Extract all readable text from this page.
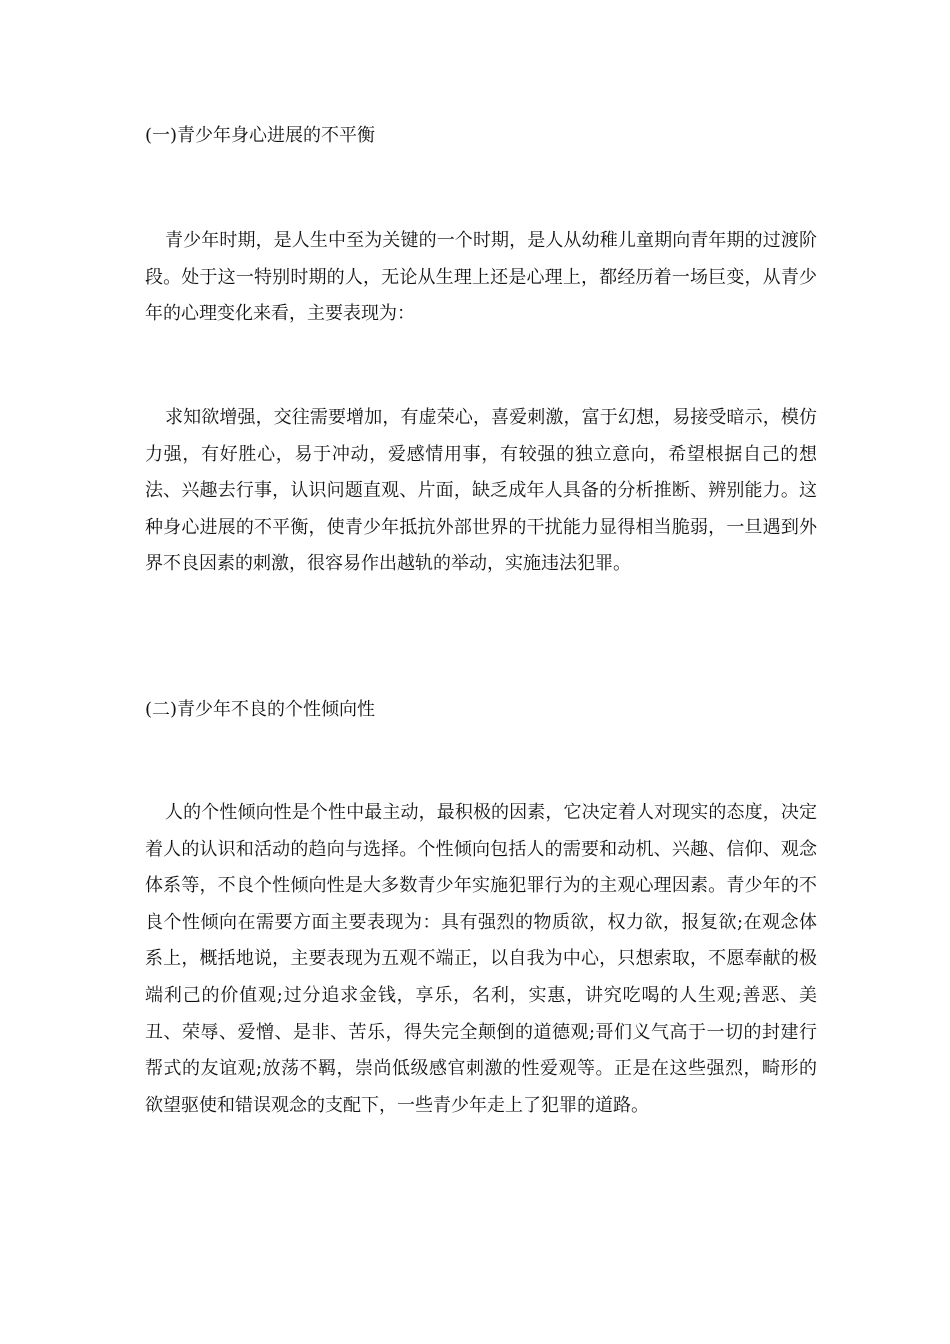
(一)青少年身心进展的不平衡

青少年时期，是人生中至为关键的一个时期，是人从幼稚儿童期向青年期的过渡阶段。处于这一特别时期的人，无论从生理上还是心理上，都经历着一场巨变，从青少年的心理变化来看，主要表现为：

求知欲增强，交往需要增加，有虚荣心，喜爱刺激，富于幻想，易接受暗示，模仿力强，有好胜心，易于冲动，爱感情用事，有较强的独立意向，希望根据自己的想法、兴趣去行事，认识问题直观、片面，缺乏成年人具备的分析推断、辨别能力。这种身心进展的不平衡，使青少年抵抗外部世界的干扰能力显得相当脆弱，一旦遇到外界不良因素的刺激，很容易作出越轨的举动，实施违法犯罪。

(二)青少年不良的个性倾向性

人的个性倾向性是个性中最主动，最积极的因素，它决定着人对现实的态度，决定着人的认识和活动的趋向与选择。个性倾向包括人的需要和动机、兴趣、信仰、观念体系等，不良个性倾向性是大多数青少年实施犯罪行为的主观心理因素。青少年的不良个性倾向在需要方面主要表现为：具有强烈的物质欲，权力欲，报复欲;在观念体系上，概括地说，主要表现为五观不端正，以自我为中心，只想索取，不愿奉献的极端利己的价值观;过分追求金钱，享乐，名利，实惠，讲究吃喝的人生观;善恶、美丑、荣辱、爱憎、是非、苦乐，得失完全颠倒的道德观;哥们义气高于一切的封建行帮式的友谊观;放荡不羁，崇尚低级感官刺激的性爱观等。正是在这些强烈，畸形的欲望驱使和错误观念的支配下，一些青少年走上了犯罪的道路。
